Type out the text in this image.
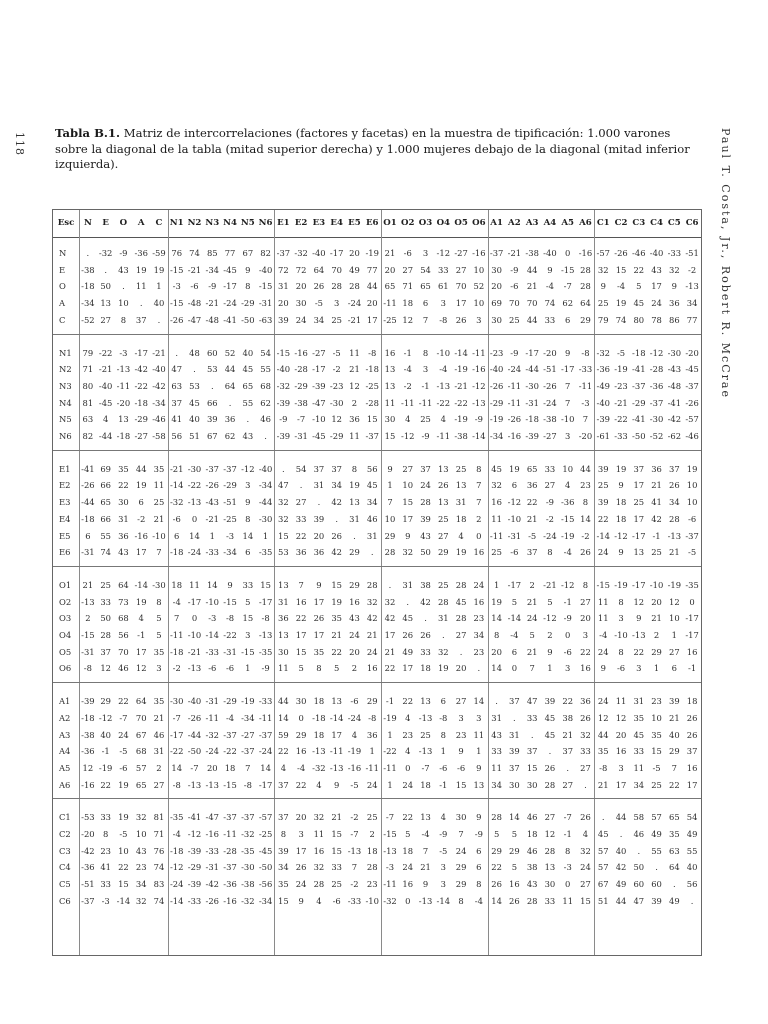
118	Paul T. Costa, Jr., Robert R. McCrae
Tabla B.1. Matriz de intercorrelaciones (factores y facetas) en la muestra de tipificación: 1.000 varones sobre la diagonal de la tabla (mitad superior derecha) y 1.000 mujeres debajo de la diagonal (mitad inferior izquierda).
Esc	N	E	O	A	C N1 N2 N3 N4 N5 N6 E1 E2 E3 E4 E5 E6 O1 O2 O3 O4 O5 O6 A1 A2 A3 A4 A5 A6 C1 C2 C3 C4 C5 C6
N	.	-32 -9 -36 -59 76 74 85 77 67 82 -37 -32 -40 -17 20 -19 21 -6	3 -12 -27 -16 -37 -21 -38 -40 0 -16 -57 -26 -46 -40 -33 -51
E	-38	.	43 19 19 -15 -21 -34 -45 9 -40 72 72 64 70 49 77 20 27 54 33 27 10 30 -9 44	9 -15 28 32 15 22 43 32 -2
O	-18 50	.	11	1	-3	-6	-9 -17 8 -15 31 20 26 28 28 44 65 71 65 61 70 52 20 -6 21 -4	-7 28	9	-4	5	17	9 -13
A	-34 13 10	.	40 -15 -48 -21 -24 -29 -31 20 30 -5	3 -24 20 -11 18	6	3	17 10 69 70 70 74 62 64 25 19 45 24 36 34
C	-52 27	8	37	.	-26 -47 -48 -41 -50 -63 39 24 34 25 -21 17 -25 12	7	-8 26	3	30 25 44 33	6	29 79 74 80 78 86 77
N1	79 -22 -3 -17 -21	.	48 60 52 40 54 -15 -16 -27 -5 11 -8 16 -1	8 -10 -14 -11 -23 -9 -17 -20 9	-8 -32 -5 -18 -12 -30 -20
N2	71 -21 -13 -42 -40 47	.	53 44 45 55 -40 -28 -17 -2 21 -18 13 -4	3	-4 -19 -16 -40 -24 -44 -51 -17 -33 -36 -19 -41 -28 -43 -45
N3	80 -40 -11 -22 -42 63 53	.	64 65 68 -32 -29 -39 -23 12 -25 13 -2	-1 -13 -21 -12 -26 -11 -30 -26 7 -11 -49 -23 -37 -36 -48 -37
N4	81 -45 -20 -18 -34 37 45 66	.	55 62 -39 -38 -47 -30 2 -28 11 -11 -11 -22 -22 -13 -29 -11 -31 -24 7	-3 -40 -21 -29 -37 -41 -26
N5	63	4	13 -29 -46 41 40 39 36	.	46 -9	-7 -10 12 36 15 30	4	25	4 -19 -9 -19 -26 -18 -38 -10 7 -39 -22 -41 -30 -42 -57
N6	82 -44 -18 -27 -58 56 51 67 62 43	.	-39 -31 -45 -29 11 -37 15 -12 -9 -11 -38 -14 -34 -16 -39 -27 3 -20 -61 -33 -50 -52 -62 -46
E1	-41 69 35 44 35 -21 -30 -37 -37 -12 -40	.	54 37 37	8	56	9	27 37 13 25	8	45 19 65 33 10 44 39 19 37 36 37 19
E2	-26 66 22 19 11 -14 -22 -26 -29 3 -34 47	.	31 34 19 45	1	10 24 26 13	7	32	6	36 27	4	23 25	9	17 21 26 10
E3	-44 65 30	6	25 -32 -13 -43 -51 9 -44 32 27	.	42 13 34	7	15 28 13 31	7	16 -12 22 -9 -36 8	39 18 25 41 34 10
E4	-18 66 31 -2 21 -6	0 -21 -25 8 -30 32 33 39	.	31 46 10 17 39 25 18	2	11 -10 21 -2 -15 14 22 18 17 42 28 -6
E5	6	55 36 -16 -10 6	14	1	-3 14	1	15 22 20 26	.	31 29	9	43 27	4	0 -11 -31 -5 -24 -19 -2 -14 -12 -17 -1 -13 -37
E6	-31 74 43 17	7 -18 -24 -33 -34 6 -35 53 36 36 42 29	.	28 32 50 29 19 16 25 -6 37	8	-4 26 24	9	13 25 21 -5
O1	21 25 64 -14 -30 18 11 14	9	33 15 13	7	9	15 29 28	.	31 38 25 28 24	1 -17 2 -21 -12 8 -15 -19 -17 -10 -19 -35
O2	-13 33 73 19	8	-4 -17 -10 -15 5 -17 31 16 17 19 16 32 32	.	42 28 45 16 19	5	21	5	-1 27 11	8	12 20 12	0
O3	2	50 68	4	5	7	0	-3	-8 15 -8 36 22 26 35 43 42 42 45	.	31 28 23 14 -14 24 -12 -9 20 11	3	9	21 10 -17
O4	-15 28 56 -1	5 -11 -10 -14 -22 3 -13 13 17 17 21 24 21 17 26 26	.	27 34	8	-4	5	2	0	3	-4 -10 -13 2	1 -17
O5	-31 37 70 17 35 -18 -21 -33 -31 -15 -35 30 15 35 22 20 24 21 49 33 32	.	23 20	6	21	9	-6 22 24	8	22 29 27 16
O6	-8 12 46 12	3	-2 -13 -6	-6	1	-9 11	5	8	5	2	16 22 17 18 19 20	.	14	0	7	1	3	16	9	-6	3	1	6	-1
A1	-39 29 22 64 35 -30 -40 -31 -29 -19 -33 44 30 18 13 -6 29 -1 22 13	6	27 14	.	37 47 39 22 36 24 11 31 23 39 18
A2	-18 -12 -7 70 21 -7 -26 -11 -4 -34 -11 14	0 -18 -14 -24 -8 -19 4 -13 -8	3	3	31	.	33 45 38 26 12 12 35 10 21 26
A3	-38 40 24 67 46 -17 -44 -32 -37 -27 -37 59 29 18 17	4	36	1	23 25	8	23 11 43 31	.	45 21 32 44 20 45 35 40 26
A4	-36 -1	-5 68 31 -22 -50 -24 -22 -37 -24 22 16 -13 -11 -19 1 -22 4 -13 1	9	1	33 39 37	.	37 33 35 16 33 15 29 37
A5	12 -19 -6 57	2	14 -7 20 18	7	14	4	-4 -32 -13 -16 -11 -11 0	-7	-6	-6	9	11 37 15 26	.	27 -8	3	11 -5	7	16
A6	-16 22 19 65 27 -8 -13 -13 -15 -8 -17 37 22	4	9	-5 24	1	24 18 -1 15 13 34 30 30 28 27	.	21 17 34 25 22 17
C1	-53 33 19 32 81 -35 -41 -47 -37 -37 -57 37 20 32 21 -2 25 -7 22 13	4	30	9	28 14 46 27 -7 26	.	44 58 57 65 54
C2	-20 8	-5 10 71 -4 -12 -16 -11 -32 -25 8	3	11 15 -7	2 -15 5	-4	-9	7	-9	5	5	18 12 -1	4	45	.	46 49 35 49
C3	-42 23 10 43 76 -18 -39 -33 -28 -35 -45 39 17 16 15 -13 18 -13 18	7	-5 24	6	29 29 46 28	8	32 57 40	.	55 63 55
C4	-36 41 22 23 74 -12 -29 -31 -37 -30 -50 34 26 32 33	7	28 -3 24 21	3	29	6	22	5	38 13 -3 24 57 42 50	.	64 40
C5	-51 33 15 34 83 -24 -39 -42 -36 -38 -56 35 24 28 25 -2 23 -11 16	9	3	29	8	26 16 43 30	0	27 67 49 60 60	.	56
C6	-37 -3 -14 32 74 -14 -33 -26 -16 -32 -34 15	9	4	-6 -33 -10 -32 0 -13 -14 8	-4 14 26 28 33 11 15 51 44 47 39 49	.
